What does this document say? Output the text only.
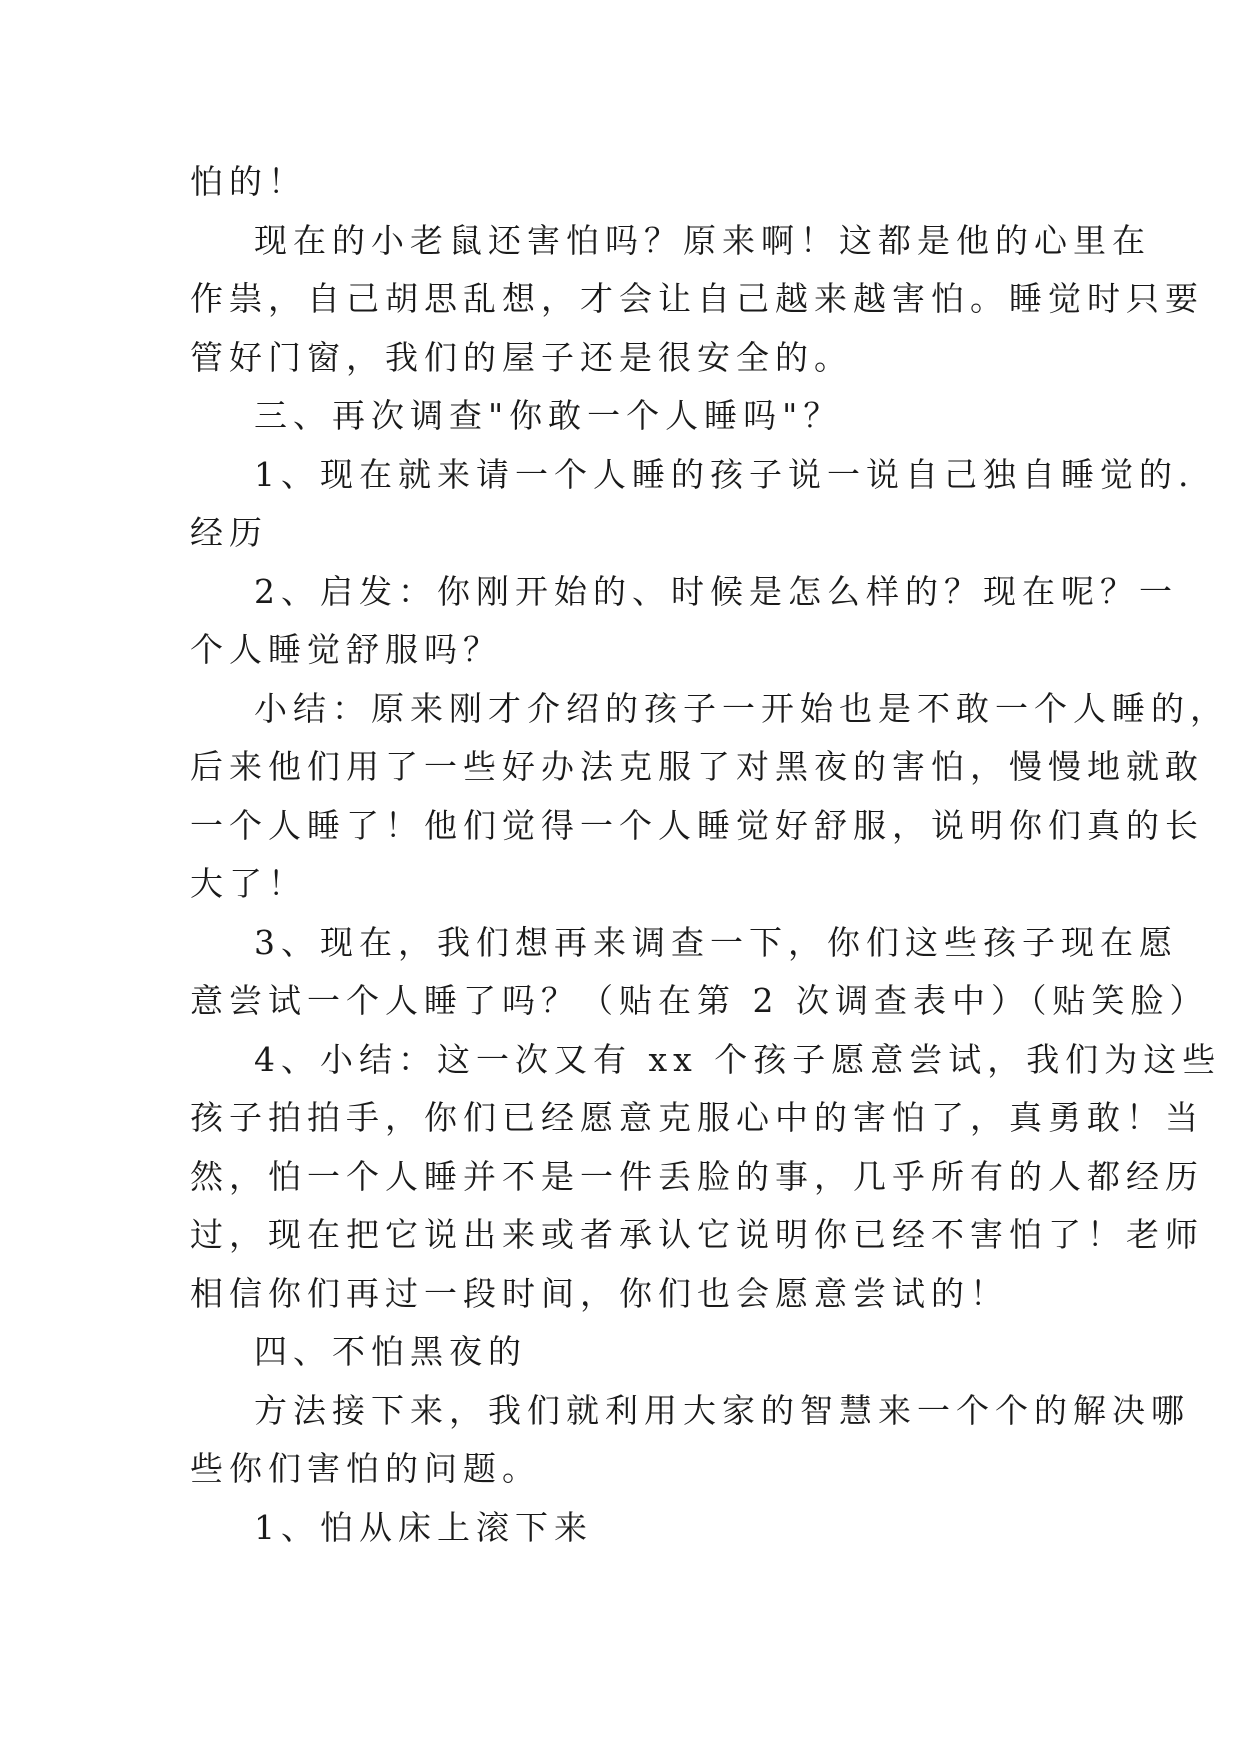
怕的！

现在的小老鼠还害怕吗？原来啊！这都是他的心里在

作祟，自己胡思乱想，才会让自己越来越害怕。睡觉时只要

管好门窗，我们的屋子还是很安全的。

三、再次调查"你敢一个人睡吗"？

1、现在就来请一个人睡的孩子说一说自己独自睡觉的.

经历

2、启发：你刚开始的、时候是怎么样的？现在呢？一

个人睡觉舒服吗？

小结：原来刚才介绍的孩子一开始也是不敢一个人睡的，

后来他们用了一些好办法克服了对黑夜的害怕，慢慢地就敢

一个人睡了！他们觉得一个人睡觉好舒服，说明你们真的长

大了！

3、现在，我们想再来调查一下，你们这些孩子现在愿

意尝试一个人睡了吗？（贴在第 2 次调查表中）（贴笑脸）

4、小结：这一次又有 xx 个孩子愿意尝试，我们为这些

孩子拍拍手，你们已经愿意克服心中的害怕了，真勇敢！当

然，怕一个人睡并不是一件丢脸的事，几乎所有的人都经历

过，现在把它说出来或者承认它说明你已经不害怕了！老师

相信你们再过一段时间，你们也会愿意尝试的！

四、不怕黑夜的

方法接下来，我们就利用大家的智慧来一个个的解决哪

些你们害怕的问题。

1、怕从床上滚下来
